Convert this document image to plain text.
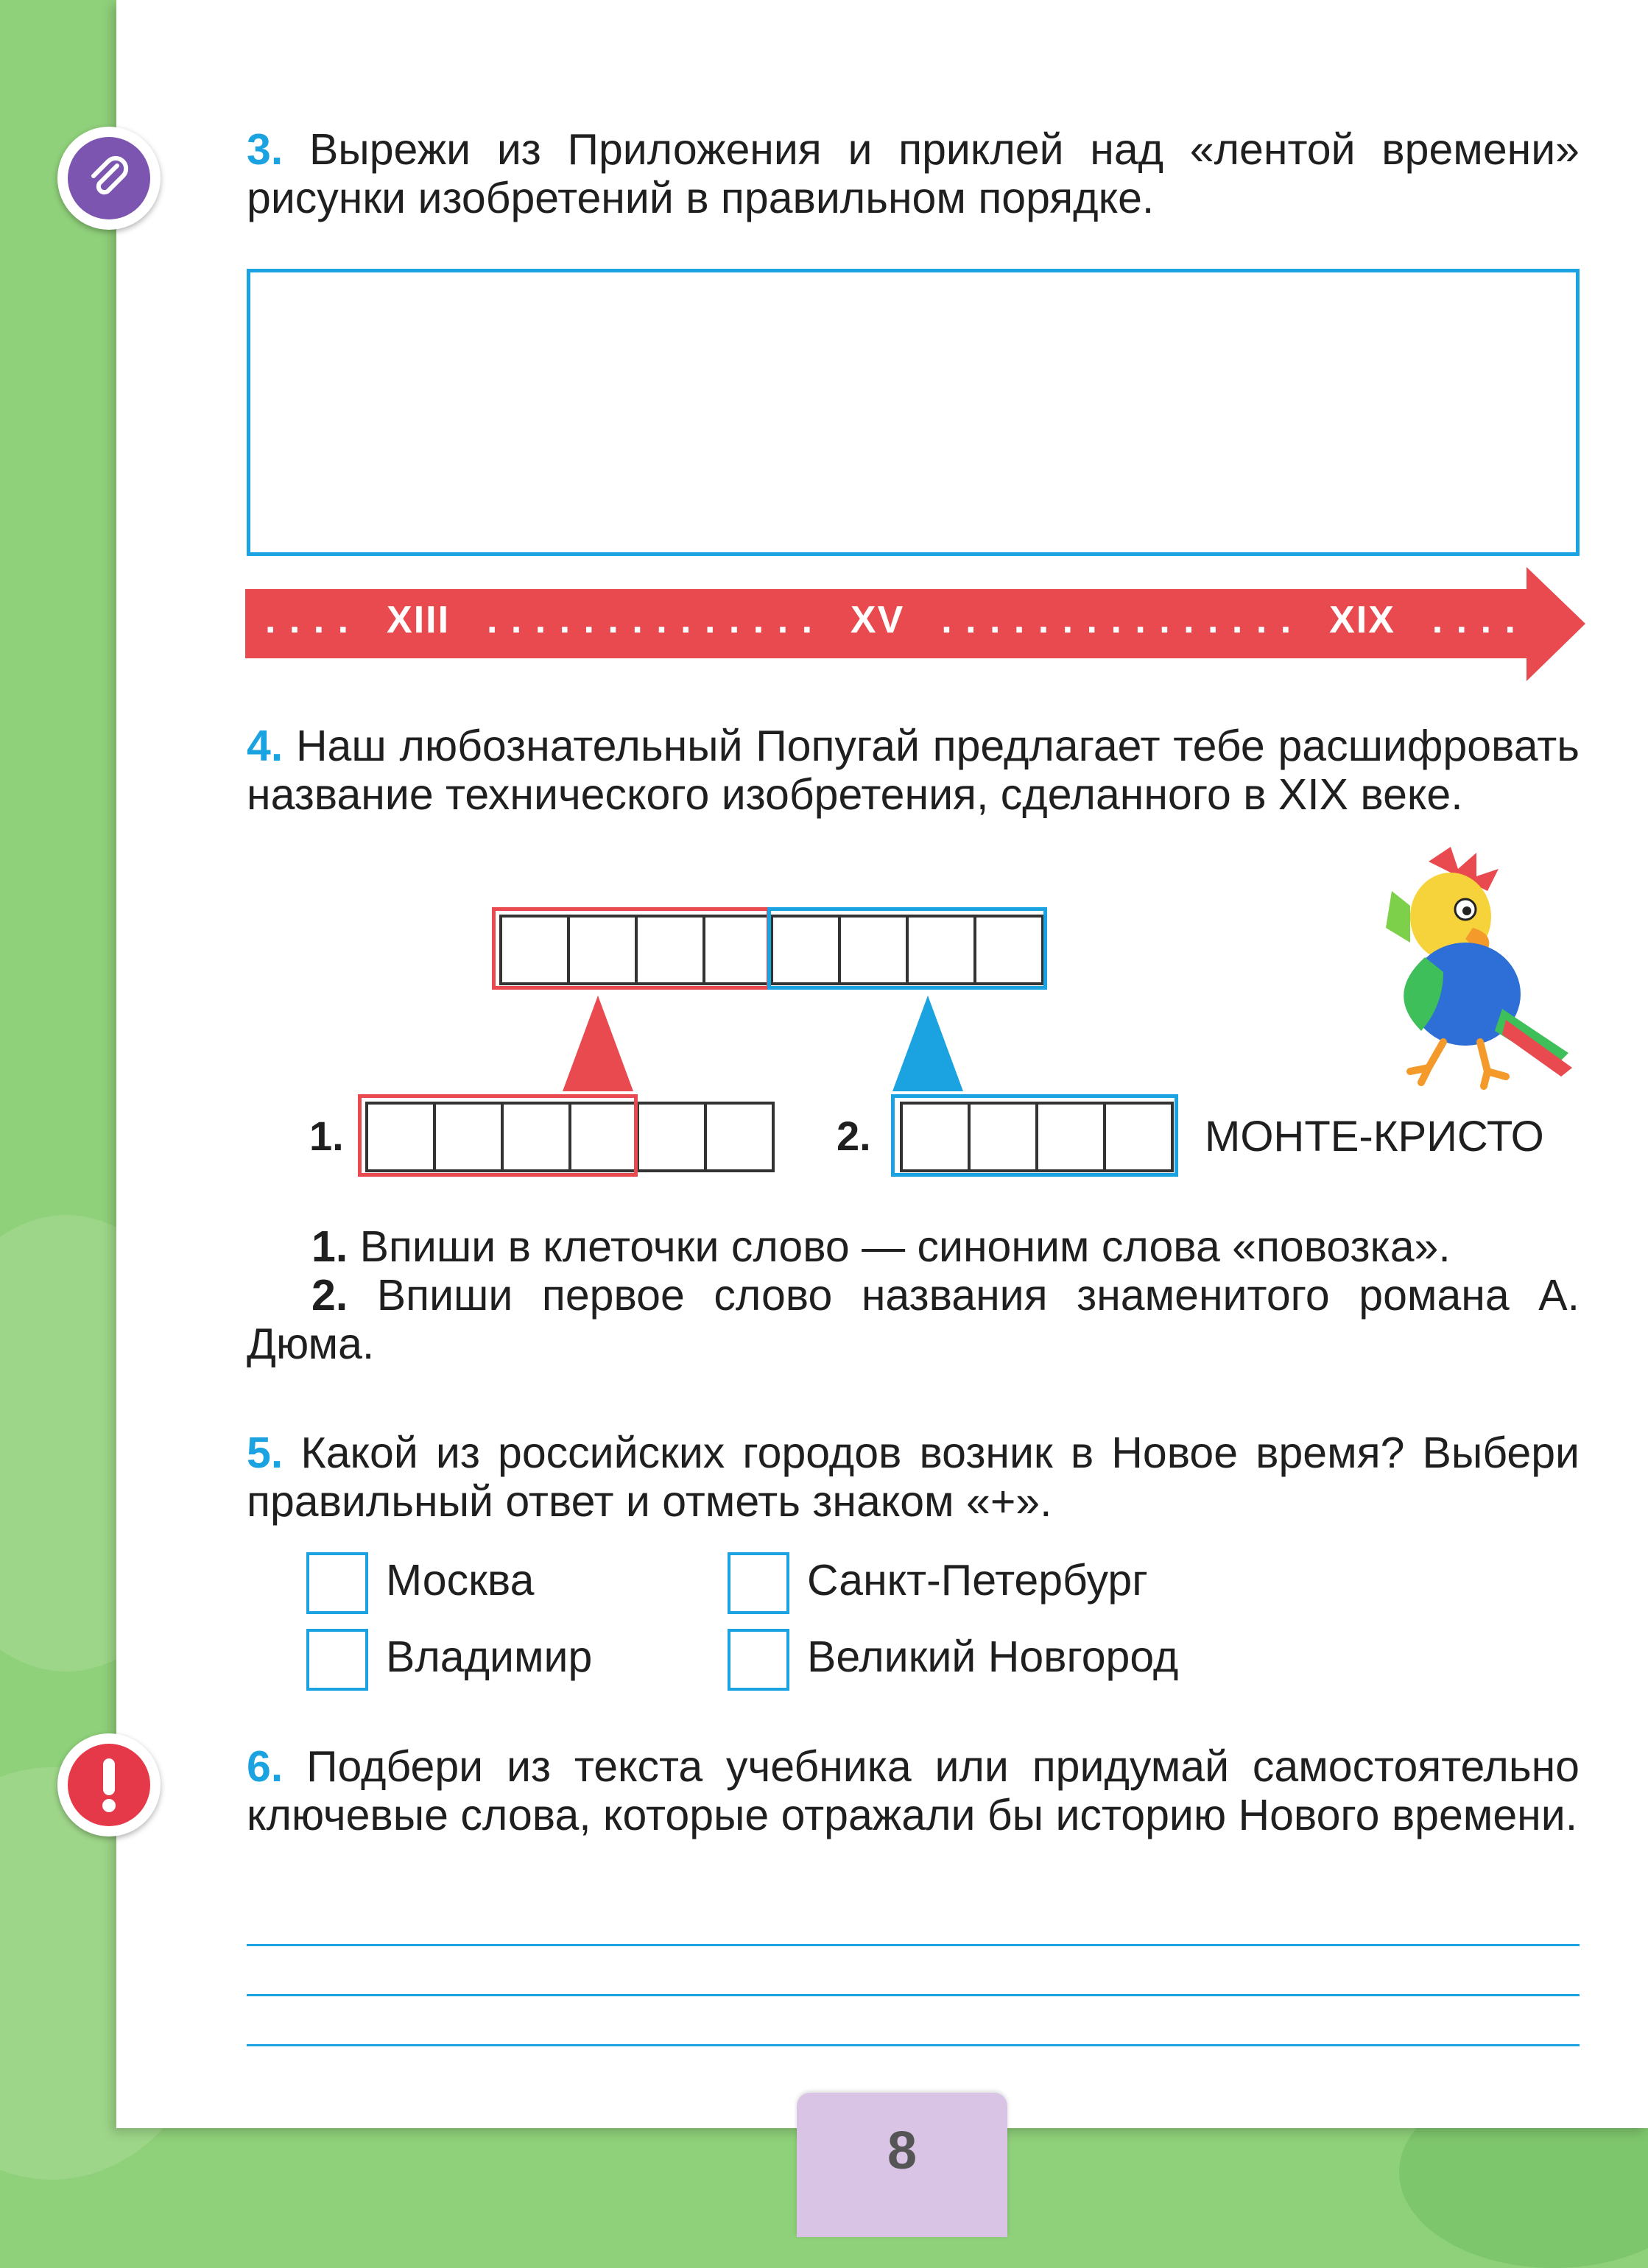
3. Вырежи из Приложения и приклей над «лентой времени» рисунки изобретений в правильном порядке.
. . . . XIII . . . . . . . . . . . . . . XV . . . . . . . . . . . . . . . XIX . . . .
4. Наш любознательный Попугай предлагает тебе расшифровать название технического изобретения, сделанного в XIX веке.
1.	2.	МОНТЕ-КРИСТО
1. Впиши в клеточки слово — синоним слова «повозка».
2. Впиши первое слово названия знаменитого романа А. Дюма.
5. Какой из российских городов возник в Новое время? Выбери правильный ответ и отметь знаком «+».
Москва	Санкт-Петербург
Владимир	Великий Новгород
6. Подбери из текста учебника или придумай самостоятельно ключевые слова, которые отражали бы историю Нового времени.
8
